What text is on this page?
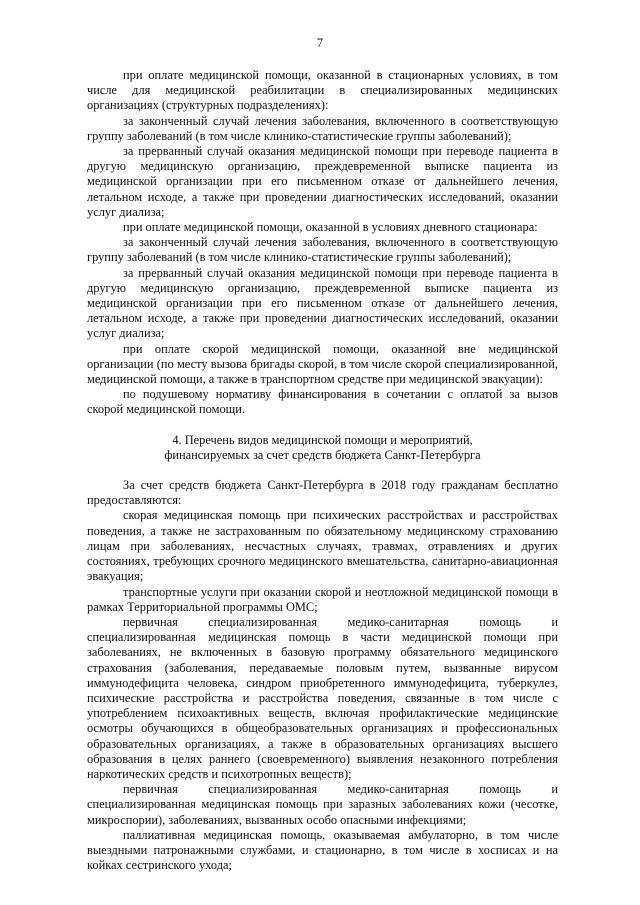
7

при оплате медицинской помощи, оказанной в стационарных условиях, в том числе для медицинской реабилитации в специализированных медицинских организациях (структурных подразделениях):

за законченный случай лечения заболевания, включенного в соответствующую группу заболеваний (в том числе клинико-статистические группы заболеваний);

за прерванный случай оказания медицинской помощи при переводе пациента в другую медицинскую организацию, преждевременной выписке пациента из медицинской организации при его письменном отказе от дальнейшего лечения, летальном исходе, а также при проведении диагностических исследований, оказании услуг диализа;

при оплате медицинской помощи, оказанной в условиях дневного стационара:

за законченный случай лечения заболевания, включенного в соответствующую группу заболеваний (в том числе клинико-статистические группы заболеваний);

за прерванный случай оказания медицинской помощи при переводе пациента в другую медицинскую организацию, преждевременной выписке пациента из медицинской организации при его письменном отказе от дальнейшего лечения, летальном исходе, а также при проведении диагностических исследований, оказании услуг диализа;

при оплате скорой медицинской помощи, оказанной вне медицинской организации (по месту вызова бригады скорой, в том числе скорой специализированной, медицинской помощи, а также в транспортном средстве при медицинской эвакуации):

по подушевому нормативу финансирования в сочетании с оплатой за вызов скорой медицинской помощи.

4. Перечень видов медицинской помощи и мероприятий,
финансируемых за счет средств бюджета Санкт-Петербурга

За счет средств бюджета Санкт-Петербурга в 2018 году гражданам бесплатно предоставляются:

скорая медицинская помощь при психических расстройствах и расстройствах поведения, а также не застрахованным по обязательному медицинскому страхованию лицам при заболеваниях, несчастных случаях, травмах, отравлениях и других состояниях, требующих срочного медицинского вмешательства, санитарно-авиационная эвакуация;

транспортные услуги при оказании скорой и неотложной медицинской помощи в рамках Территориальной программы ОМС;

первичная специализированная медико-санитарная помощь и специализированная медицинская помощь в части медицинской помощи при заболеваниях, не включенных в базовую программу обязательного медицинского страхования (заболевания, передаваемые половым путем, вызванные вирусом иммунодефицита человека, синдром приобретенного иммунодефицита, туберкулез, психические расстройства и расстройства поведения, связанные в том числе с употреблением психоактивных веществ, включая профилактические медицинские осмотры обучающихся в общеобразовательных организациях и профессиональных образовательных организациях, а также в образовательных организациях высшего образования в целях раннего (своевременного) выявления незаконного потребления наркотических средств и психотропных веществ);

первичная специализированная медико-санитарная помощь и специализированная медицинская помощь при заразных заболеваниях кожи (чесотке, микроспории), заболеваниях, вызванных особо опасными инфекциями;

паллиативная медицинская помощь, оказываемая амбулаторно, в том числе выездными патронажными службами, и стационарно, в том числе в хосписах и на койках сестринского ухода;
